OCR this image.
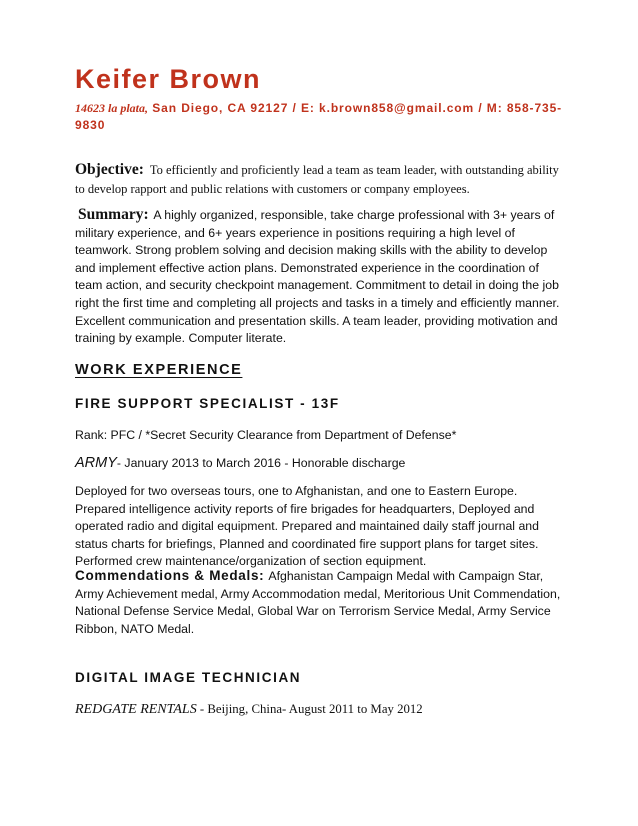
Keifer Brown
14623 la plata, San Diego, CA 92127 / E: k.brown858@gmail.com / M: 858-735-9830
Objective: To efficiently and proficiently lead a team as team leader, with outstanding ability to develop rapport and public relations with customers or company employees.
Summary: A highly organized, responsible, take charge professional with 3+ years of military experience, and 6+ years experience in positions requiring a high level of teamwork. Strong problem solving and decision making skills with the ability to develop and implement effective action plans. Demonstrated experience in the coordination of team action, and security checkpoint management. Commitment to detail in doing the job right the first time and completing all projects and tasks in a timely and efficiently manner. Excellent communication and presentation skills. A team leader, providing motivation and training by example. Computer literate.
WORK EXPERIENCE
FIRE SUPPORT SPECIALIST - 13F
Rank: PFC / *Secret Security Clearance from Department of Defense*
ARMY- January 2013 to March 2016 - Honorable discharge
Deployed for two overseas tours, one to Afghanistan, and one to Eastern Europe. Prepared intelligence activity reports of fire brigades for headquarters, Deployed and operated radio and digital equipment. Prepared and maintained daily staff journal and status charts for briefings, Planned and coordinated fire support plans for target sites. Performed crew maintenance/organization of section equipment.
Commendations & Medals: Afghanistan Campaign Medal with Campaign Star, Army Achievement medal, Army Accommodation medal, Meritorious Unit Commendation, National Defense Service Medal, Global War on Terrorism Service Medal, Army Service Ribbon, NATO Medal.
DIGITAL IMAGE TECHNICIAN
REDGATE RENTALS - Beijing, China- August 2011 to May 2012
